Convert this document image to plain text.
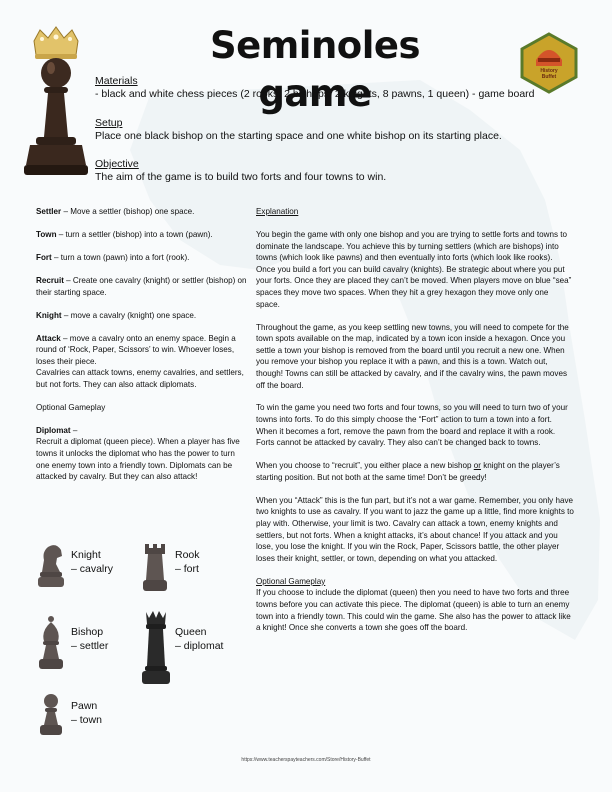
Seminoles game
History
Buffet
Materials
- black and white chess pieces (2 rooks, 2 bishops, 2 knights, 8 pawns, 1 queen) - game board
Setup
Place one black bishop on the starting space and one white bishop on its starting place.
Objective
The aim of the game is to build two forts and four towns to win.

Settler – Move a settler (bishop) one space.

Town – turn a settler (bishop) into a town (pawn).

Fort – turn a town (pawn) into a fort (rook).

Recruit – Create one cavalry (knight) or settler (bishop) on their starting space.

Knight – move a cavalry (knight) one space.

Attack – move a cavalry onto an enemy space. Begin a round of ‘Rock, Paper, Scissors’ to win. Whoever loses, loses their piece.
Cavalries can attack towns, enemy cavalries, and settlers, but not forts. They can also attack diplomats.

Optional Gameplay

Diplomat –
Recruit a diplomat (queen piece). When a player has five towns it unlocks the diplomat who has the power to turn one enemy town into a friendly town. Diplomats can be attacked by cavalry. But they can also attack!

Knight
– cavalry
Rook
– fort
Bishop
– settler
Queen
– diplomat
Pawn
– town

Explanation

You begin the game with only one bishop and you are trying to settle forts and towns to dominate the landscape. You achieve this by turning settlers (which are bishops) into towns (which look like pawns) and then eventually into forts (which look like rooks). Once you build a fort you can build cavalry (knights). Be strategic about where you put your forts. Once they are placed they can’t be moved. When players move on blue “sea” spaces they move two spaces. When they hit a grey hexagon they move only one space.

Throughout the game, as you keep settling new towns, you will need to compete for the town spots available on the map, indicated by a town icon inside a hexagon. Once you settle a town your bishop is removed from the board until you recruit a new one. When you remove your bishop you replace it with a pawn, and this is a town. Watch out, though! Towns can still be attacked by cavalry, and if the cavalry wins, the pawn moves off the board.

To win the game you need two forts and four towns, so you will need to turn two of your towns into forts. To do this simply choose the “Fort” action to turn a town into a fort. When it becomes a fort, remove the pawn from the board and replace it with a rook. Forts cannot be attacked by cavalry. They also can’t be changed back to towns.

When you choose to “recruit”, you either place a new bishop or knight on the player’s starting position. But not both at the same time! Don’t be greedy!

When you “Attack” this is the fun part, but it’s not a war game. Remember, you only have two knights to use as cavalry. If you want to jazz the game up a little, find more knights to play with. Otherwise, your limit is two. Cavalry can attack a town, enemy knights and settlers, but not forts. When a knight attacks, it’s about chance! If you attack and you lose, you lose the knight. If you win the Rock, Paper, Scissors battle, the other player loses their knight, settler, or town, depending on what you attacked.

Optional Gameplay

If you choose to include the diplomat (queen) then you need to have two forts and three towns before you can activate this piece. The diplomat (queen) is able to turn an enemy town into a friendly town. This could win the game. She also has the power to attack like a knight! Once she converts a town she goes off the board.

https://www.teacherspayteachers.com/Store/History-Buffet
